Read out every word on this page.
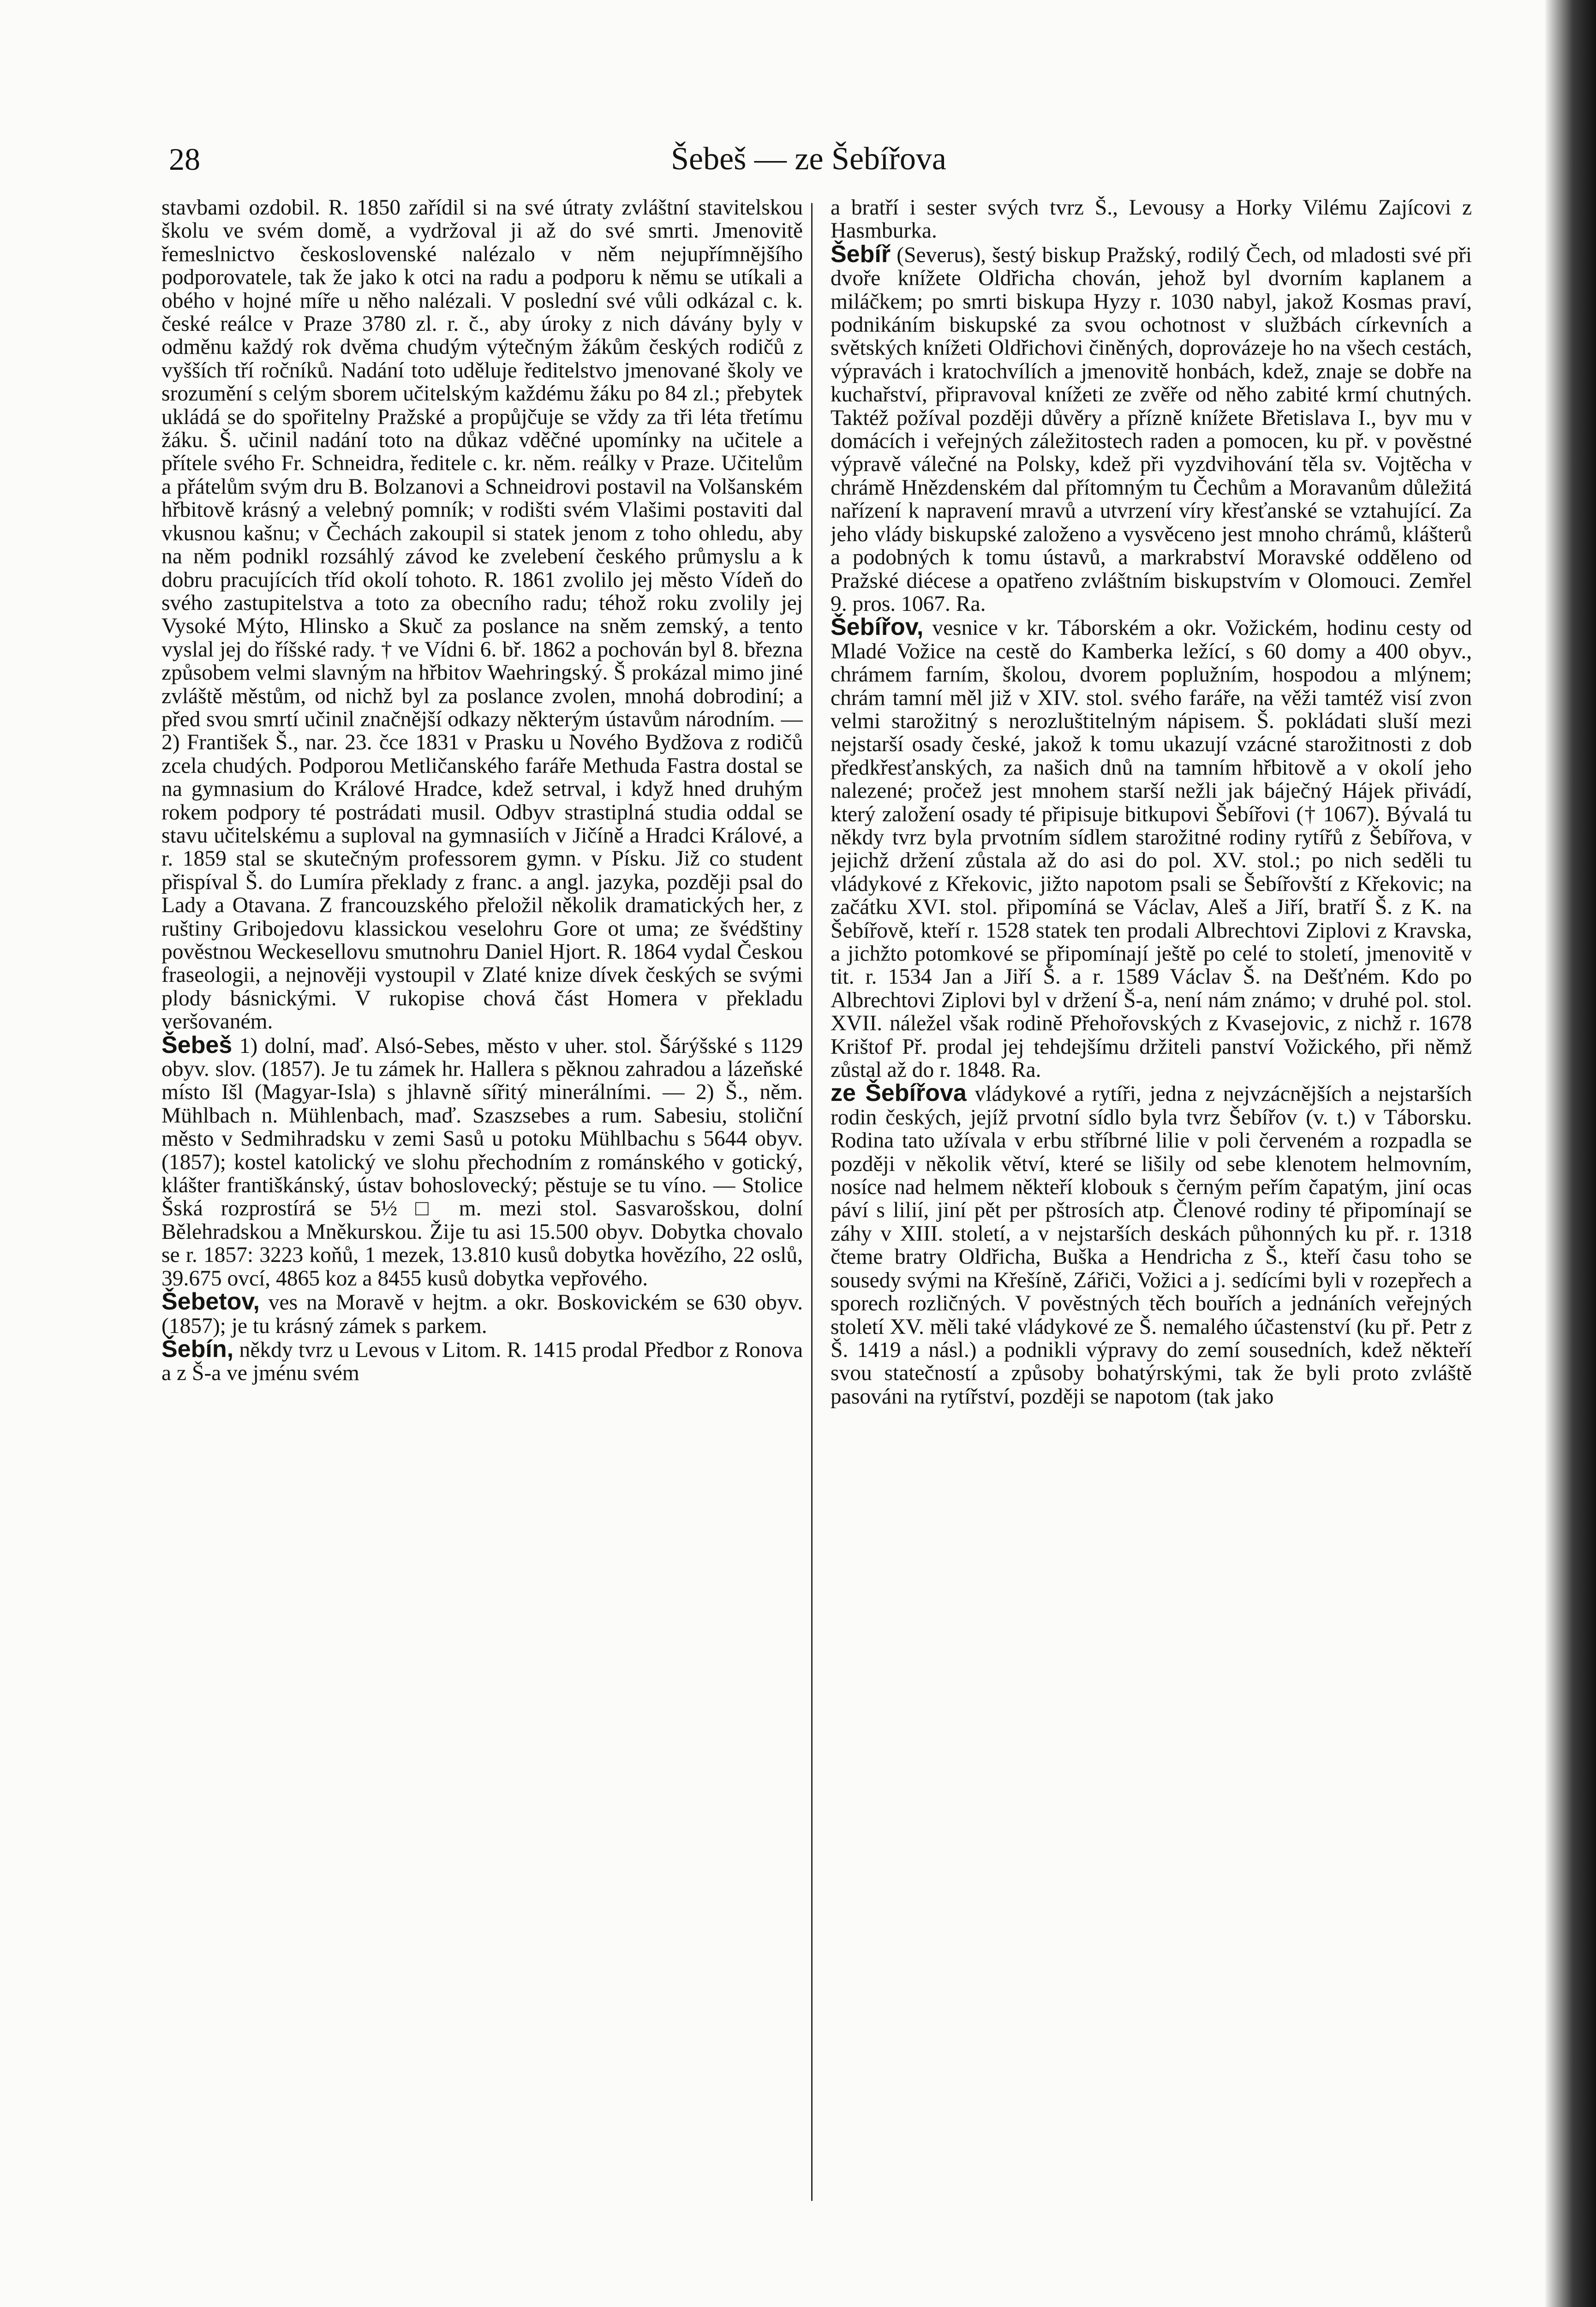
28	Šebeš — ze Šebířova

stavbami ozdobil. R. 1850 zařídil si na své útraty zvláštní stavitelskou školu ve svém domě, a vydržoval ji až do své smrti. Jmenovitě řemeslnictvo československé nalézalo v něm nejupřímnějšího podporovatele, tak že jako k otci na radu a podporu k němu se utíkali a obého v hojné míře u něho nalézali. V poslední své vůli odkázal c. k. české reálce v Praze 3780 zl. r. č., aby úroky z nich dávány byly v odměnu každý rok dvěma chudým výtečným žákům českých rodičů z vyšších tří ročníků. Nadání toto uděluje ředitelstvo jmenované školy ve srozumění s celým sborem učitelským každému žáku po 84 zl.; přebytek ukládá se do spořitelny Pražské a propůjčuje se vždy za tři léta třetímu žáku. Š. učinil nadání toto na důkaz vděčné upomínky na učitele a přítele svého Fr. Schneidra, ředitele c. kr. něm. reálky v Praze. Učitelům a přátelům svým dru B. Bolzanovi a Schneidrovi postavil na Volšanském hřbitově krásný a velebný pomník; v rodišti svém Vlašimi postaviti dal vkusnou kašnu; v Čechách zakoupil si statek jenom z toho ohledu, aby na něm podnikl rozsáhlý závod ke zvelebení českého průmyslu a k dobru pracujících tříd okolí tohoto. R. 1861 zvolilo jej město Vídeň do svého zastupitelstva a toto za obecního radu; téhož roku zvolily jej Vysoké Mýto, Hlinsko a Skuč za poslance na sněm zemský, a tento vyslal jej do říšské rady. † ve Vídni 6. bř. 1862 a pochován byl 8. března způsobem velmi slavným na hřbitov Waehringský. Š prokázal mimo jiné zvláště městům, od nichž byl za poslance zvolen, mnohá dobrodiní; a před svou smrtí učinil značnější odkazy některým ústavům národním. — 2) František Š., nar. 23. čce 1831 v Prasku u Nového Bydžova z rodičů zcela chudých. Podporou Metličanského faráře Methuda Fastra dostal se na gymnasium do Králové Hradce, kdež setrval, i když hned druhým rokem podpory té postrádati musil. Odbyv strastiplná studia oddal se stavu učitelskému a suploval na gymnasiích v Jičíně a Hradci Králové, a r. 1859 stal se skutečným professorem gymn. v Písku. Již co student přispíval Š. do Lumíra překlady z franc. a angl. jazyka, později psal do Lady a Otavana. Z francouzského přeložil několik dramatických her, z ruštiny Gribojedovu klassickou veselohru Gore ot uma; ze švédštiny pověstnou Weckesellovu smutnohru Daniel Hjort. R. 1864 vydal Českou fraseologii, a nejnověji vystoupil v Zlaté knize dívek českých se svými plody básnickými. V rukopise chová část Homera v překladu veršovaném.

Šebeš 1) dolní, maď. Alsó-Sebes, město v uher. stol. Šárýšské s 1129 obyv. slov. (1857). Je tu zámek hr. Hallera s pěknou zahradou a lázeňské místo Išl (Magyar-Isla) s jhlavně sířitý minerálními. — 2) Š., něm. Mühlbach n. Mühlenbach, maď. Szaszsebes a rum. Sabesiu, stoliční město v Sedmihradsku v zemi Sasů u potoku Mühlbachu s 5644 obyv. (1857); kostel katolický ve slohu přechodním z románského v gotický, klášter františkánský, ústav bohoslovecký; pěstuje se tu víno. — Stolice Šská rozprostírá se 5½ □ m. mezi stol. Sasvarošskou, dolní Bělehradskou a Mněkurskou. Žije tu asi 15.500 obyv. Dobytka chovalo se r. 1857: 3223 koňů, 1 mezek, 13.810 kusů dobytka hovězího, 22 oslů, 39.675 ovcí, 4865 koz a 8455 kusů dobytka vepřového.

Šebetov, ves na Moravě v hejtm. a okr. Boskovickém se 630 obyv. (1857); je tu krásný zámek s parkem.

Šebín, někdy tvrz u Levous v Litom. R. 1415 prodal Předbor z Ronova a z Š-a ve jménu svém

a bratří i sester svých tvrz Š., Levousy a Horky Vilému Zajícovi z Hasmburka.

Šebíř (Severus), šestý biskup Pražský, rodilý Čech, od mladosti své při dvoře knížete Oldřicha chován, jehož byl dvorním kaplanem a miláčkem; po smrti biskupa Hyzy r. 1030 nabyl, jakož Kosmas praví, podnikáním biskupské za svou ochotnost v službách církevních a světských knížeti Oldřichovi činěných, doprovázeje ho na všech cestách, výpravách i kratochvílích a jmenovitě honbách, kdež, znaje se dobře na kuchařství, připravoval knížeti ze zvěře od něho zabité krmí chutných. Taktéž požíval později důvěry a přízně knížete Břetislava I., byv mu v domácích i veřejných záležitostech raden a pomocen, ku př. v pověstné výpravě válečné na Polsky, kdež při vyzdvihování těla sv. Vojtěcha v chrámě Hnězdenském dal přítomným tu Čechům a Moravanům důležitá nařízení k napravení mravů a utvrzení víry křesťanské se vztahující. Za jeho vlády biskupské založeno a vysvěceno jest mnoho chrámů, klášterů a podobných k tomu ústavů, a markrabství Moravské odděleno od Pražské diécese a opatřeno zvláštním biskupstvím v Olomouci. Zemřel 9. pros. 1067. Ra.

Šebířov, vesnice v kr. Táborském a okr. Vožickém, hodinu cesty od Mladé Vožice na cestě do Kamberka ležící, s 60 domy a 400 obyv., chrámem farním, školou, dvorem poplužním, hospodou a mlýnem; chrám tamní měl již v XIV. stol. svého faráře, na věži tamtéž visí zvon velmi starožitný s nerozluštitelným nápisem. Š. pokládati sluší mezi nejstarší osady české, jakož k tomu ukazují vzácné starožitnosti z dob předkřesťanských, za našich dnů na tamním hřbitově a v okolí jeho nalezené; pročež jest mnohem starší nežli jak báječný Hájek přivádí, který založení osady té připisuje bitkupovi Šebířovi († 1067). Bývalá tu někdy tvrz byla prvotním sídlem starožitné rodiny rytířů z Šebířova, v jejichž držení zůstala až do asi do pol. XV. stol.; po nich seděli tu vládykové z Křekovic, jižto napotom psali se Šebířovští z Křekovic; na začátku XVI. stol. připomíná se Václav, Aleš a Jiří, bratří Š. z K. na Šebířově, kteří r. 1528 statek ten prodali Albrechtovi Ziplovi z Kravska, a jichžto potomkové se připomínají ještě po celé to století, jmenovitě v tit. r. 1534 Jan a Jiří Š. a r. 1589 Václav Š. na Dešťném. Kdo po Albrechtovi Ziplovi byl v držení Š-a, není nám známo; v druhé pol. stol. XVII. náležel však rodině Přehořovských z Kvasejovic, z nichž r. 1678 Krištof Př. prodal jej tehdejšímu držiteli panství Vožického, při němž zůstal až do r. 1848. Ra.

ze Šebířova vládykové a rytíři, jedna z nejvzácnějších a nejstarších rodin českých, jejíž prvotní sídlo byla tvrz Šebířov (v. t.) v Táborsku. Rodina tato užívala v erbu stříbrné lilie v poli červeném a rozpadla se později v několik větví, které se lišily od sebe klenotem helmovním, nosíce nad helmem někteří klobouk s černým peřím čapatým, jiní ocas páví s lilií, jiní pět per pštrosích atp. Členové rodiny té připomínají se záhy v XIII. století, a v nejstarších deskách půhonných ku př. r. 1318 čteme bratry Oldřicha, Buška a Hendricha z Š., kteří času toho se sousedy svými na Křešíně, Zářiči, Vožici a j. sedícími byli v rozepřech a sporech rozličných. V pověstných těch bouřích a jednáních veřejných století XV. měli také vládykové ze Š. nemalého účastenství (ku př. Petr z Š. 1419 a násl.) a podnikli výpravy do zemí sousedních, kdež někteří svou statečností a způsoby bohatýrskými, tak že byli proto zvláště pasováni na rytířství, později se napotom (tak jako
